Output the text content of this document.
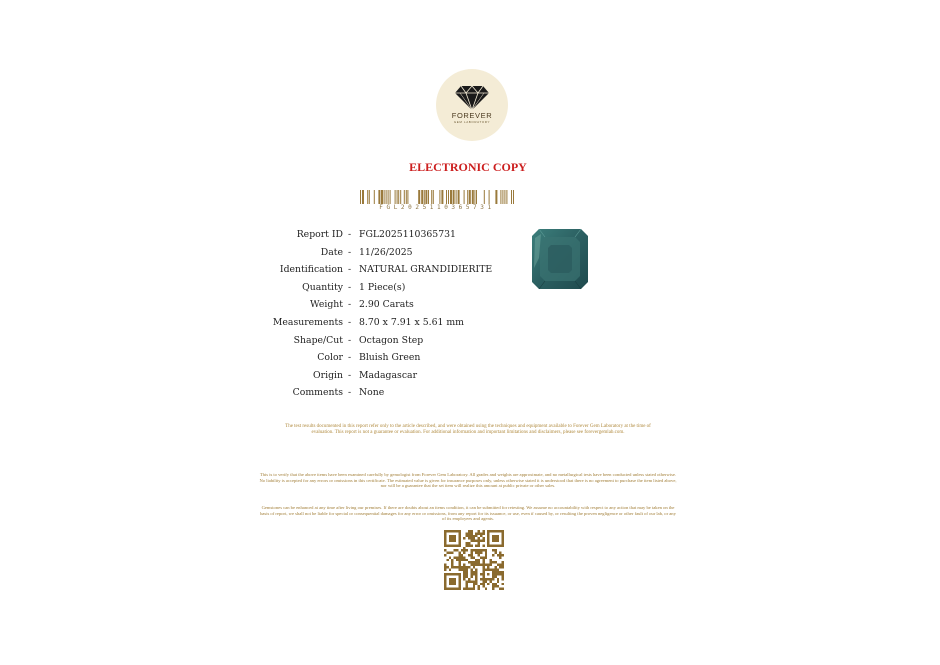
FOREVER
GEM LABORATORY
ELECTRONIC COPY
FGL2025110365731
Report ID - FGL2025110365731
Date - 11/26/2025
Identification - NATURAL GRANDIDIERITE
Quantity - 1 Piece(s)
Weight - 2.90 Carats
Measurements - 8.70 x 7.91 x 5.61 mm
Shape/Cut - Octagon Step
Color - Bluish Green
Origin - Madagascar
Comments - None
The test results documented in this report refer only to the article described, and were obtained using the techniques and equipment available to Forever Gem Laboratory at the time of evaluation. This report is not a guarantee or evaluation. For additional information and important limitations and disclaimers, please see forevergemlab.com.
This is to verify that the above items have been examined carefully by gemologist from Forever Gem Laboratory. All grades and weights are approximate, and no metallurgical tests have been conducted unless stated otherwise. No liability is accepted for any errors or omissions in this certificate. The estimated value is given for insurance purposes only, unless otherwise stated it is understood that there is no agreement to purchase the item listed above, nor will be a guarantee that the set item will realize this amount at public private or other sales.
Gemstones can be enhanced at any time after living our premises. If there are doubts about an items condition, it can be submitted for retesting. We assume no accountability with respect to any action that may be taken on the basis of report, we shall not be liable for special or consequential damages for any error or omissions, from any report for its issuance, or use, even if caused by, or resulting the proven negligence or other fault of our lab, or any of its employees and agents.
